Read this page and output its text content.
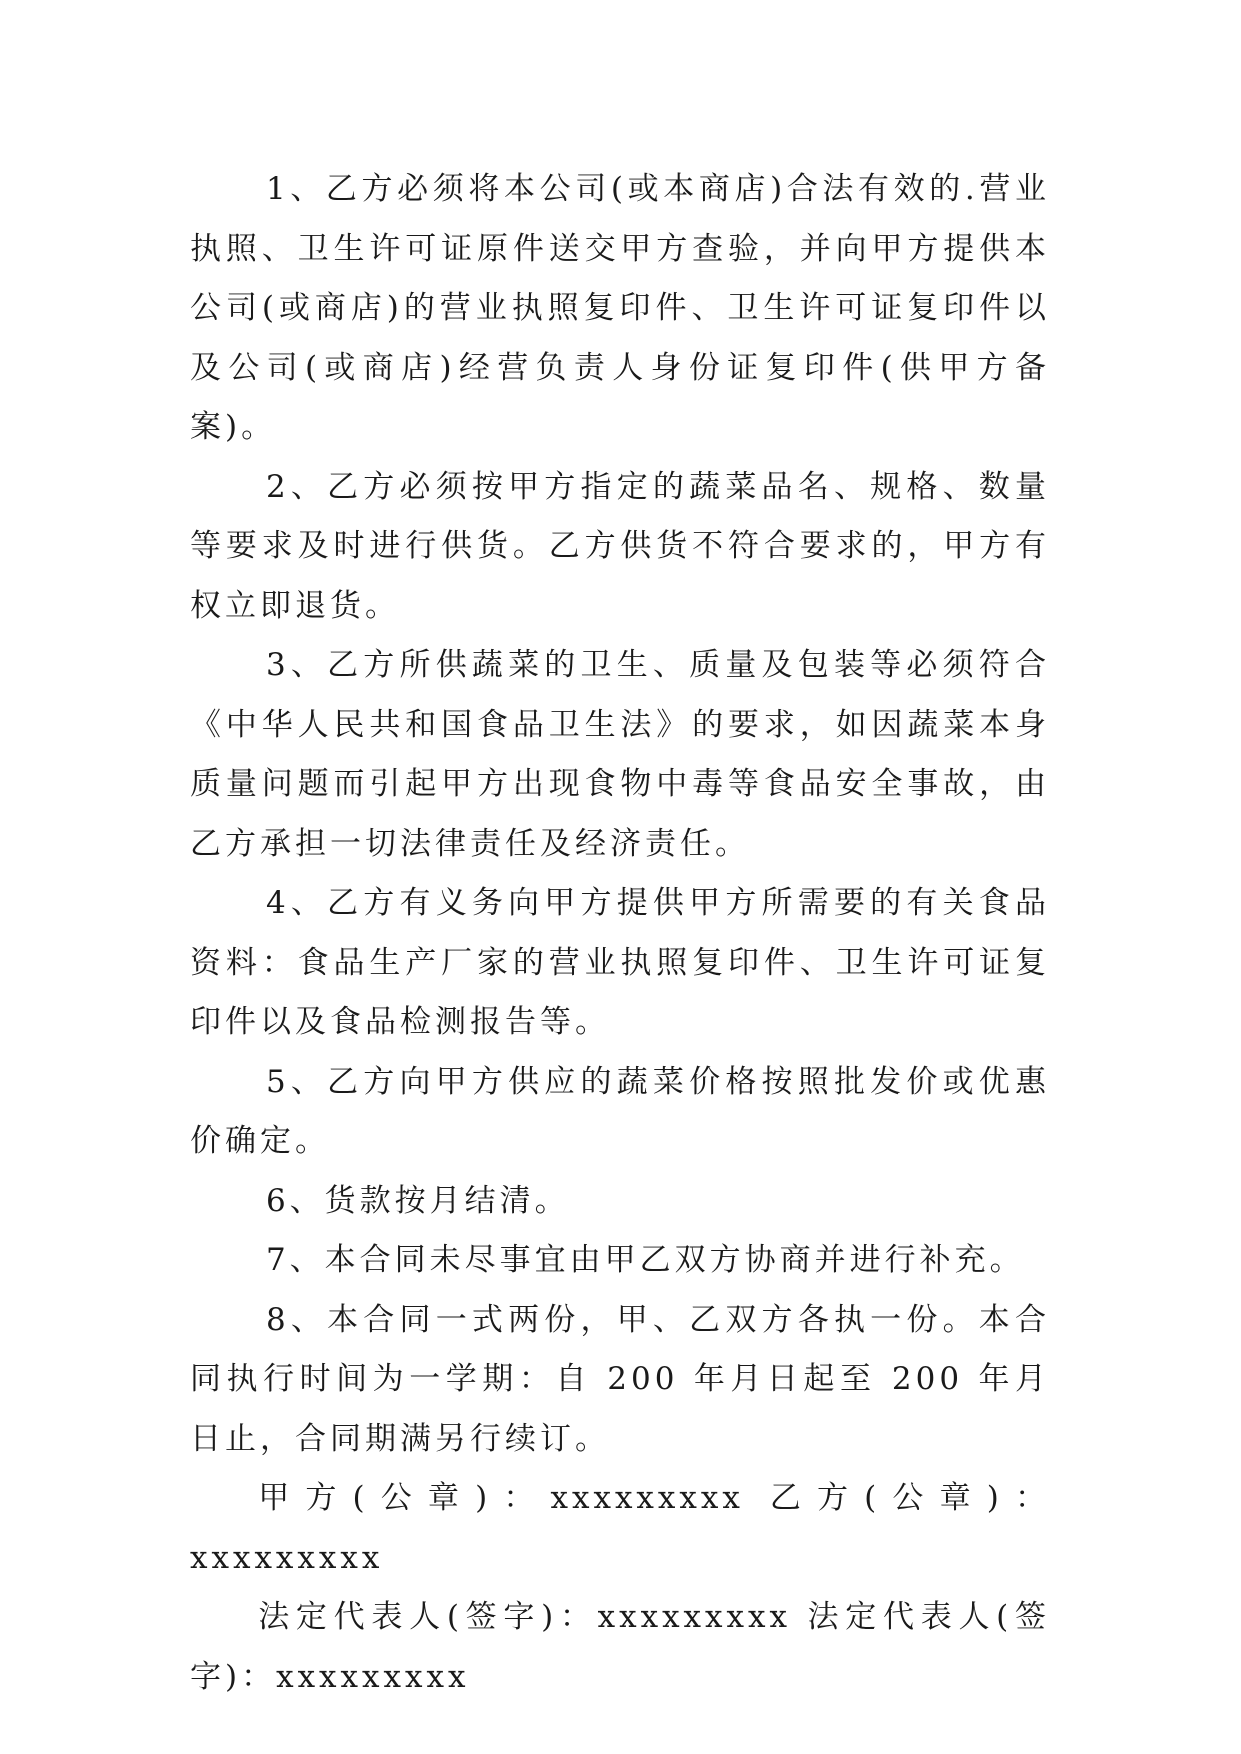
1、乙方必须将本公司(或本商店)合法有效的.营业执照、卫生许可证原件送交甲方查验，并向甲方提供本公司(或商店)的营业执照复印件、卫生许可证复印件以及公司(或商店)经营负责人身份证复印件(供甲方备案)。

2、乙方必须按甲方指定的蔬菜品名、规格、数量等要求及时进行供货。乙方供货不符合要求的，甲方有权立即退货。

3、乙方所供蔬菜的卫生、质量及包装等必须符合《中华人民共和国食品卫生法》的要求，如因蔬菜本身质量问题而引起甲方出现食物中毒等食品安全事故，由乙方承担一切法律责任及经济责任。

4、乙方有义务向甲方提供甲方所需要的有关食品资料：食品生产厂家的营业执照复印件、卫生许可证复印件以及食品检测报告等。

5、乙方向甲方供应的蔬菜价格按照批发价或优惠价确定。

6、货款按月结清。

7、本合同未尽事宜由甲乙双方协商并进行补充。

8、本合同一式两份，甲、乙双方各执一份。本合同执行时间为一学期：自 200 年月日起至 200 年月日止，合同期满另行续订。

甲方(公章)：xxxxxxxxx 乙方(公章)：xxxxxxxxx

法定代表人(签字)：xxxxxxxxx 法定代表人(签字)：xxxxxxxxx
